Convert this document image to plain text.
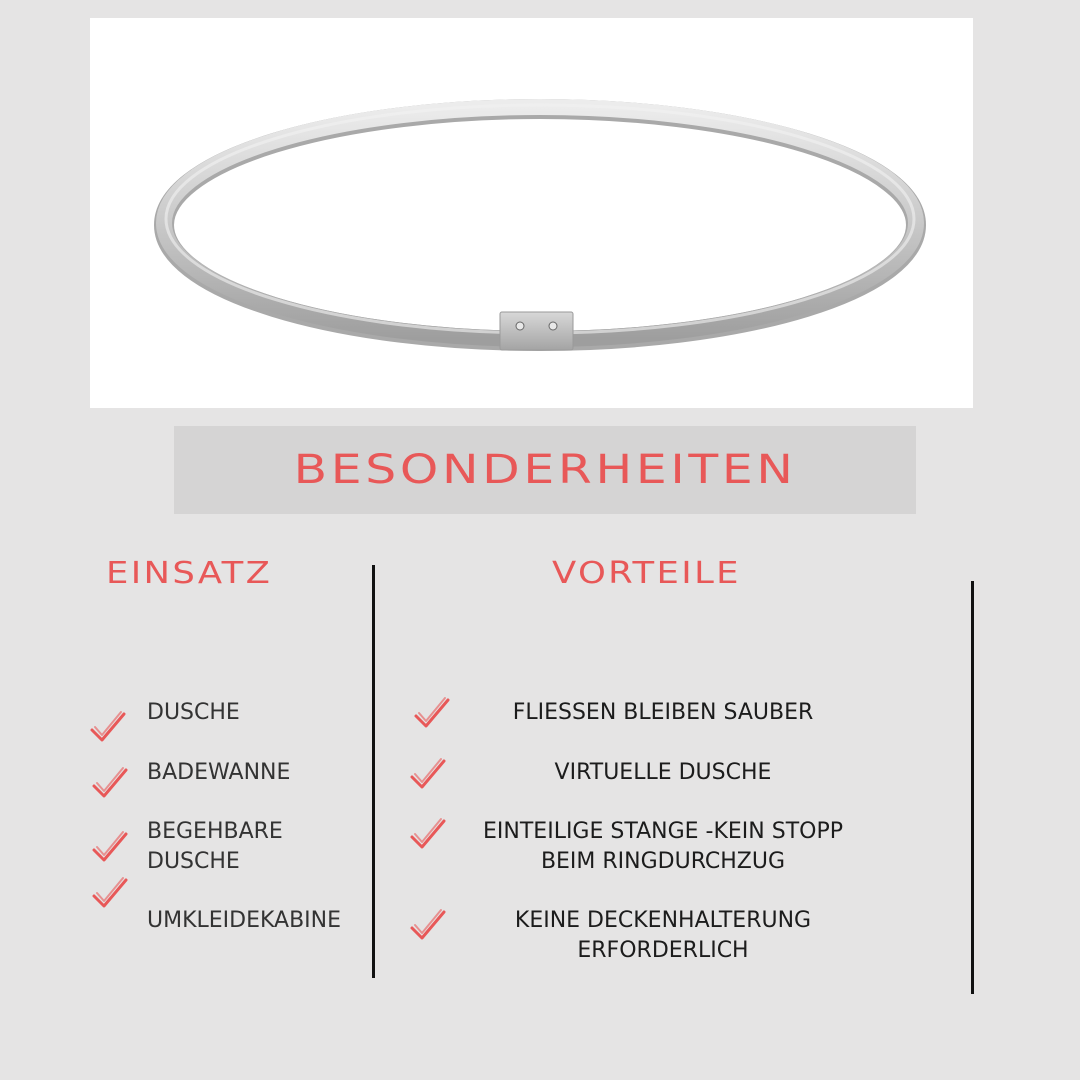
BESONDERHEITEN
EINSATZ	VORTEILE
DUSCHE
BADEWANNE
BEGEHBARE DUSCHE
UMKLEIDEKABINE
FLIESSEN BLEIBEN SAUBER
VIRTUELLE DUSCHE
EINTEILIGE STANGE -KEIN STOPP
BEIM RINGDURCHZUG
KEINE DECKENHALTERUNG
ERFORDERLICH
